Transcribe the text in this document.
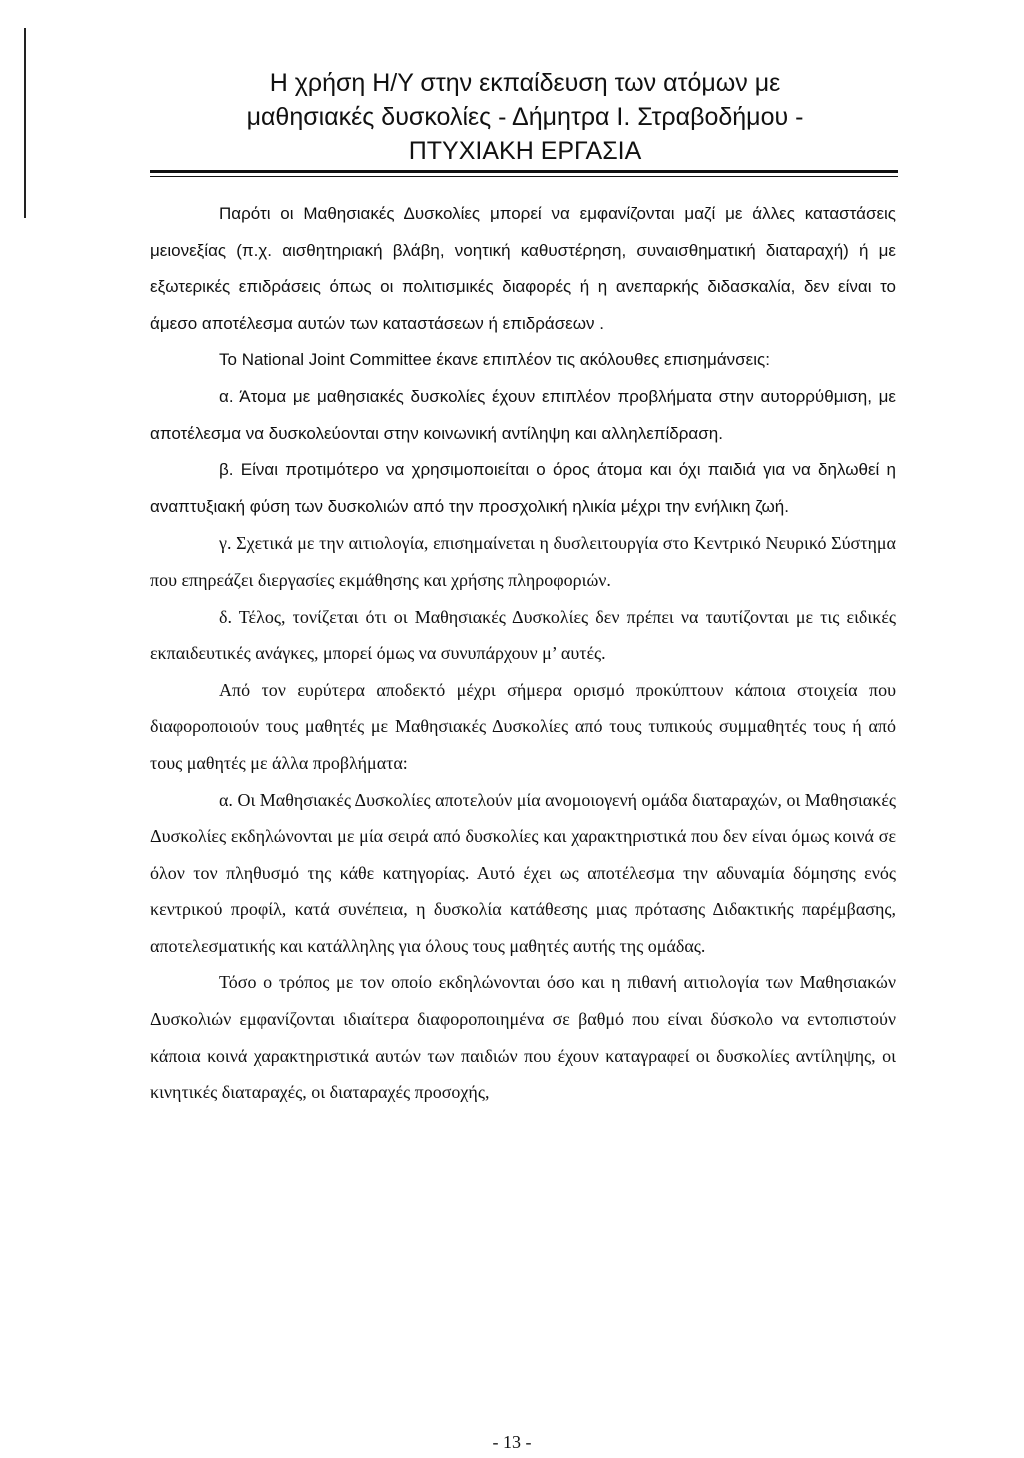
Η χρήση Η/Υ στην εκπαίδευση των ατόμων με
μαθησιακές δυσκολίες - Δήμητρα Ι. Στραβοδήμου -
ΠΤΥΧΙΑΚΗ ΕΡΓΑΣΙΑ

Παρότι οι Μαθησιακές Δυσκολίες μπορεί να εμφανίζονται μαζί με άλλες καταστάσεις μειονεξίας (π.χ. αισθητηριακή βλάβη, νοητική καθυστέρηση, συναισθηματική διαταραχή) ή με εξωτερικές επιδράσεις όπως οι πολιτισμικές διαφορές ή η ανεπαρκής διδασκαλία, δεν είναι το άμεσο αποτέλεσμα αυτών των καταστάσεων ή επιδράσεων .

Το National Joint Committee έκανε επιπλέον τις ακόλουθες επισημάνσεις:

α. Άτομα με μαθησιακές δυσκολίες έχουν επιπλέον προβλήματα στην αυτορρύθμιση, με αποτέλεσμα να δυσκολεύονται στην κοινωνική αντίληψη και αλληλεπίδραση.

β. Είναι προτιμότερο να χρησιμοποιείται ο όρος άτομα και όχι παιδιά για να δηλωθεί η αναπτυξιακή φύση των δυσκολιών από την προσχολική ηλικία μέχρι την ενήλικη ζωή.

γ. Σχετικά με την αιτιολογία, επισημαίνεται η δυσλειτουργία στο Κεντρικό Νευρικό Σύστημα που επηρεάζει διεργασίες εκμάθησης και χρήσης πληροφοριών.

δ. Τέλος, τονίζεται ότι οι Μαθησιακές Δυσκολίες δεν πρέπει να ταυτίζονται με τις ειδικές εκπαιδευτικές ανάγκες, μπορεί όμως να συνυπάρχουν μ’ αυτές.

Από τον ευρύτερα αποδεκτό μέχρι σήμερα ορισμό προκύπτουν κάποια στοιχεία που διαφοροποιούν τους μαθητές με Μαθησιακές Δυσκολίες από τους τυπικούς συμμαθητές τους ή από τους μαθητές με άλλα προβλήματα:

α. Οι Μαθησιακές Δυσκολίες αποτελούν μία ανομοιογενή ομάδα διαταραχών, οι Μαθησιακές Δυσκολίες εκδηλώνονται με μία σειρά από δυσκολίες και χαρακτηριστικά που δεν είναι όμως κοινά σε όλον τον πληθυσμό της κάθε κατηγορίας. Αυτό έχει ως αποτέλεσμα την αδυναμία δόμησης ενός κεντρικού προφίλ, κατά συνέπεια, η δυσκολία κατάθεσης μιας πρότασης Διδακτικής παρέμβασης, αποτελεσματικής και κατάλληλης για όλους τους μαθητές αυτής της ομάδας.

Τόσο ο τρόπος με τον οποίο εκδηλώνονται όσο και η πιθανή αιτιολογία των Μαθησιακών Δυσκολιών εμφανίζονται ιδιαίτερα διαφοροποιημένα σε βαθμό που είναι δύσκολο να εντοπιστούν κάποια κοινά χαρακτηριστικά αυτών των παιδιών που έχουν καταγραφεί οι δυσκολίες αντίληψης, οι κινητικές διαταραχές, οι διαταραχές προσοχής,

- 13 -
